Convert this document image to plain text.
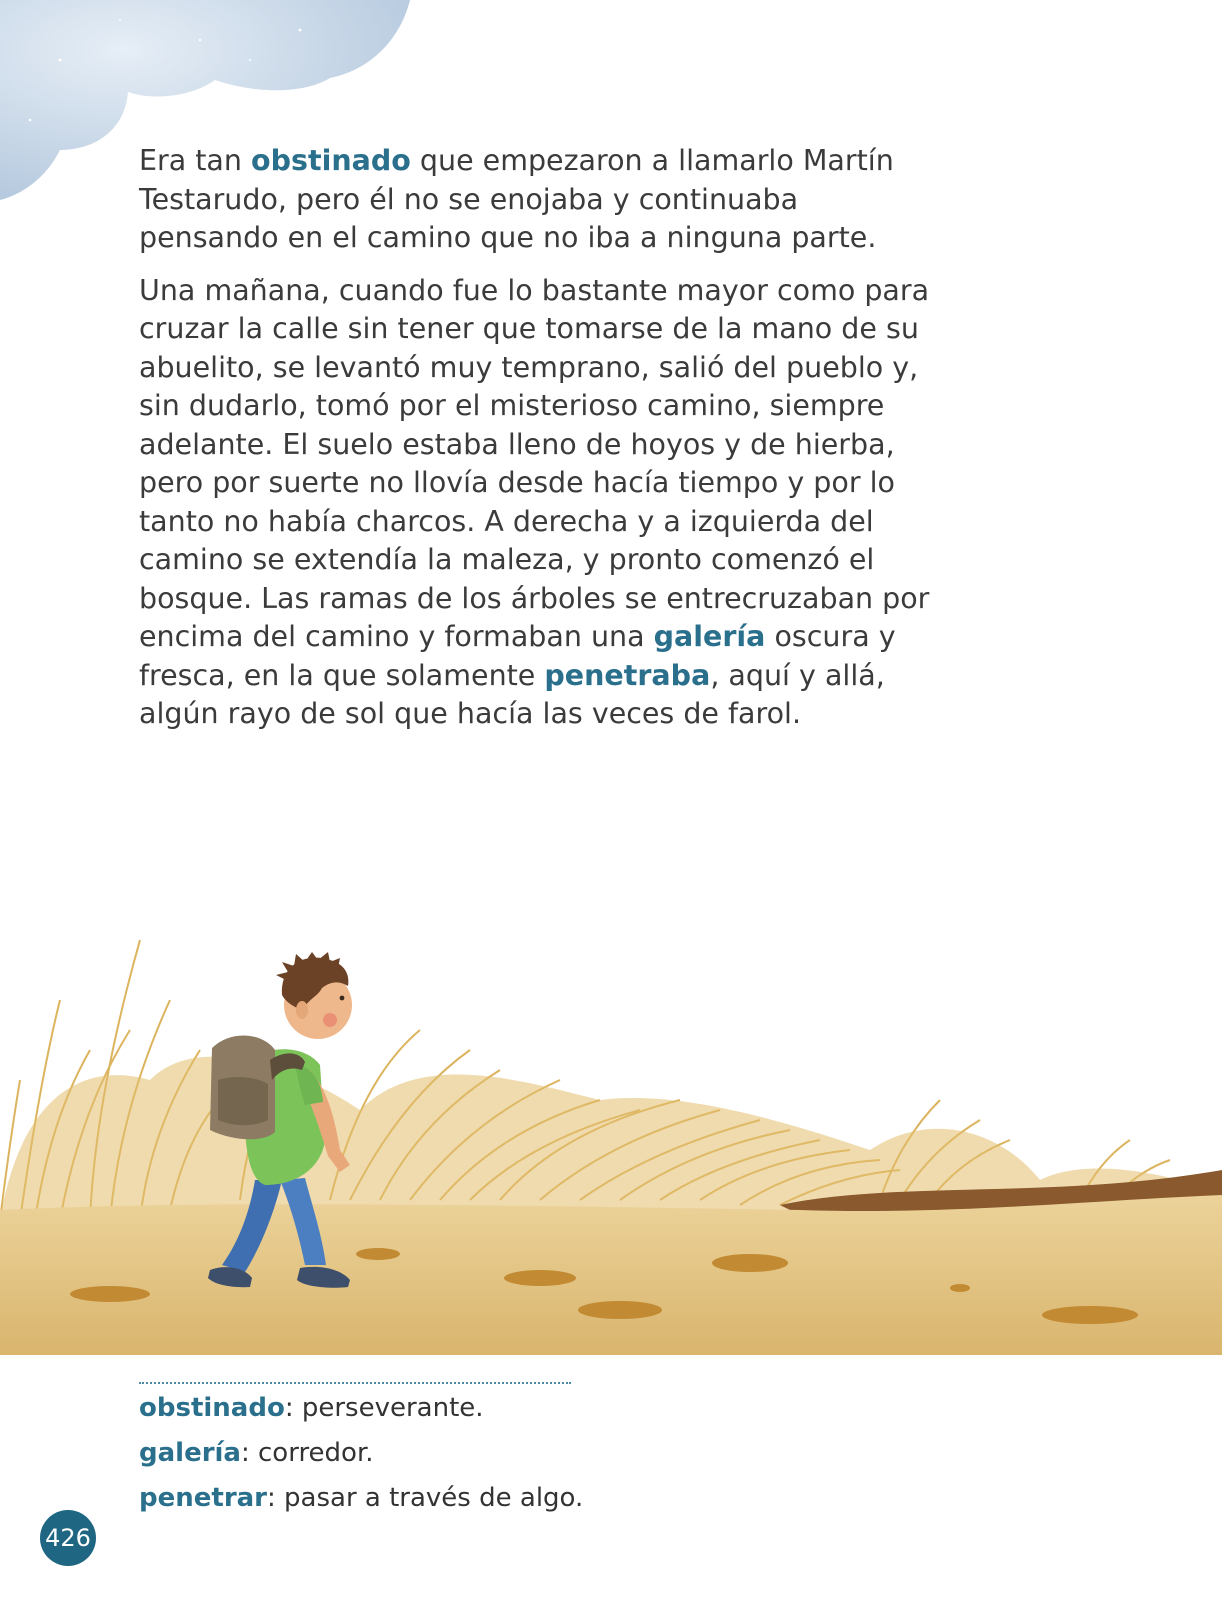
Era tan obstinado que empezaron a llamarlo Martín Testarudo, pero él no se enojaba y continuaba pensando en el camino que no iba a ninguna parte.

Una mañana, cuando fue lo bastante mayor como para cruzar la calle sin tener que tomarse de la mano de su abuelito, se levantó muy temprano, salió del pueblo y, sin dudarlo, tomó por el misterioso camino, siempre adelante. El suelo estaba lleno de hoyos y de hierba, pero por suerte no llovía desde hacía tiempo y por lo tanto no había charcos. A derecha y a izquierda del camino se extendía la maleza, y pronto comenzó el bosque. Las ramas de los árboles se entrecruzaban por encima del camino y formaban una galería oscura y fresca, en la que solamente penetraba, aquí y allá, algún rayo de sol que hacía las veces de farol.

obstinado: perseverante.
galería: corredor.
penetrar: pasar a través de algo.
426
